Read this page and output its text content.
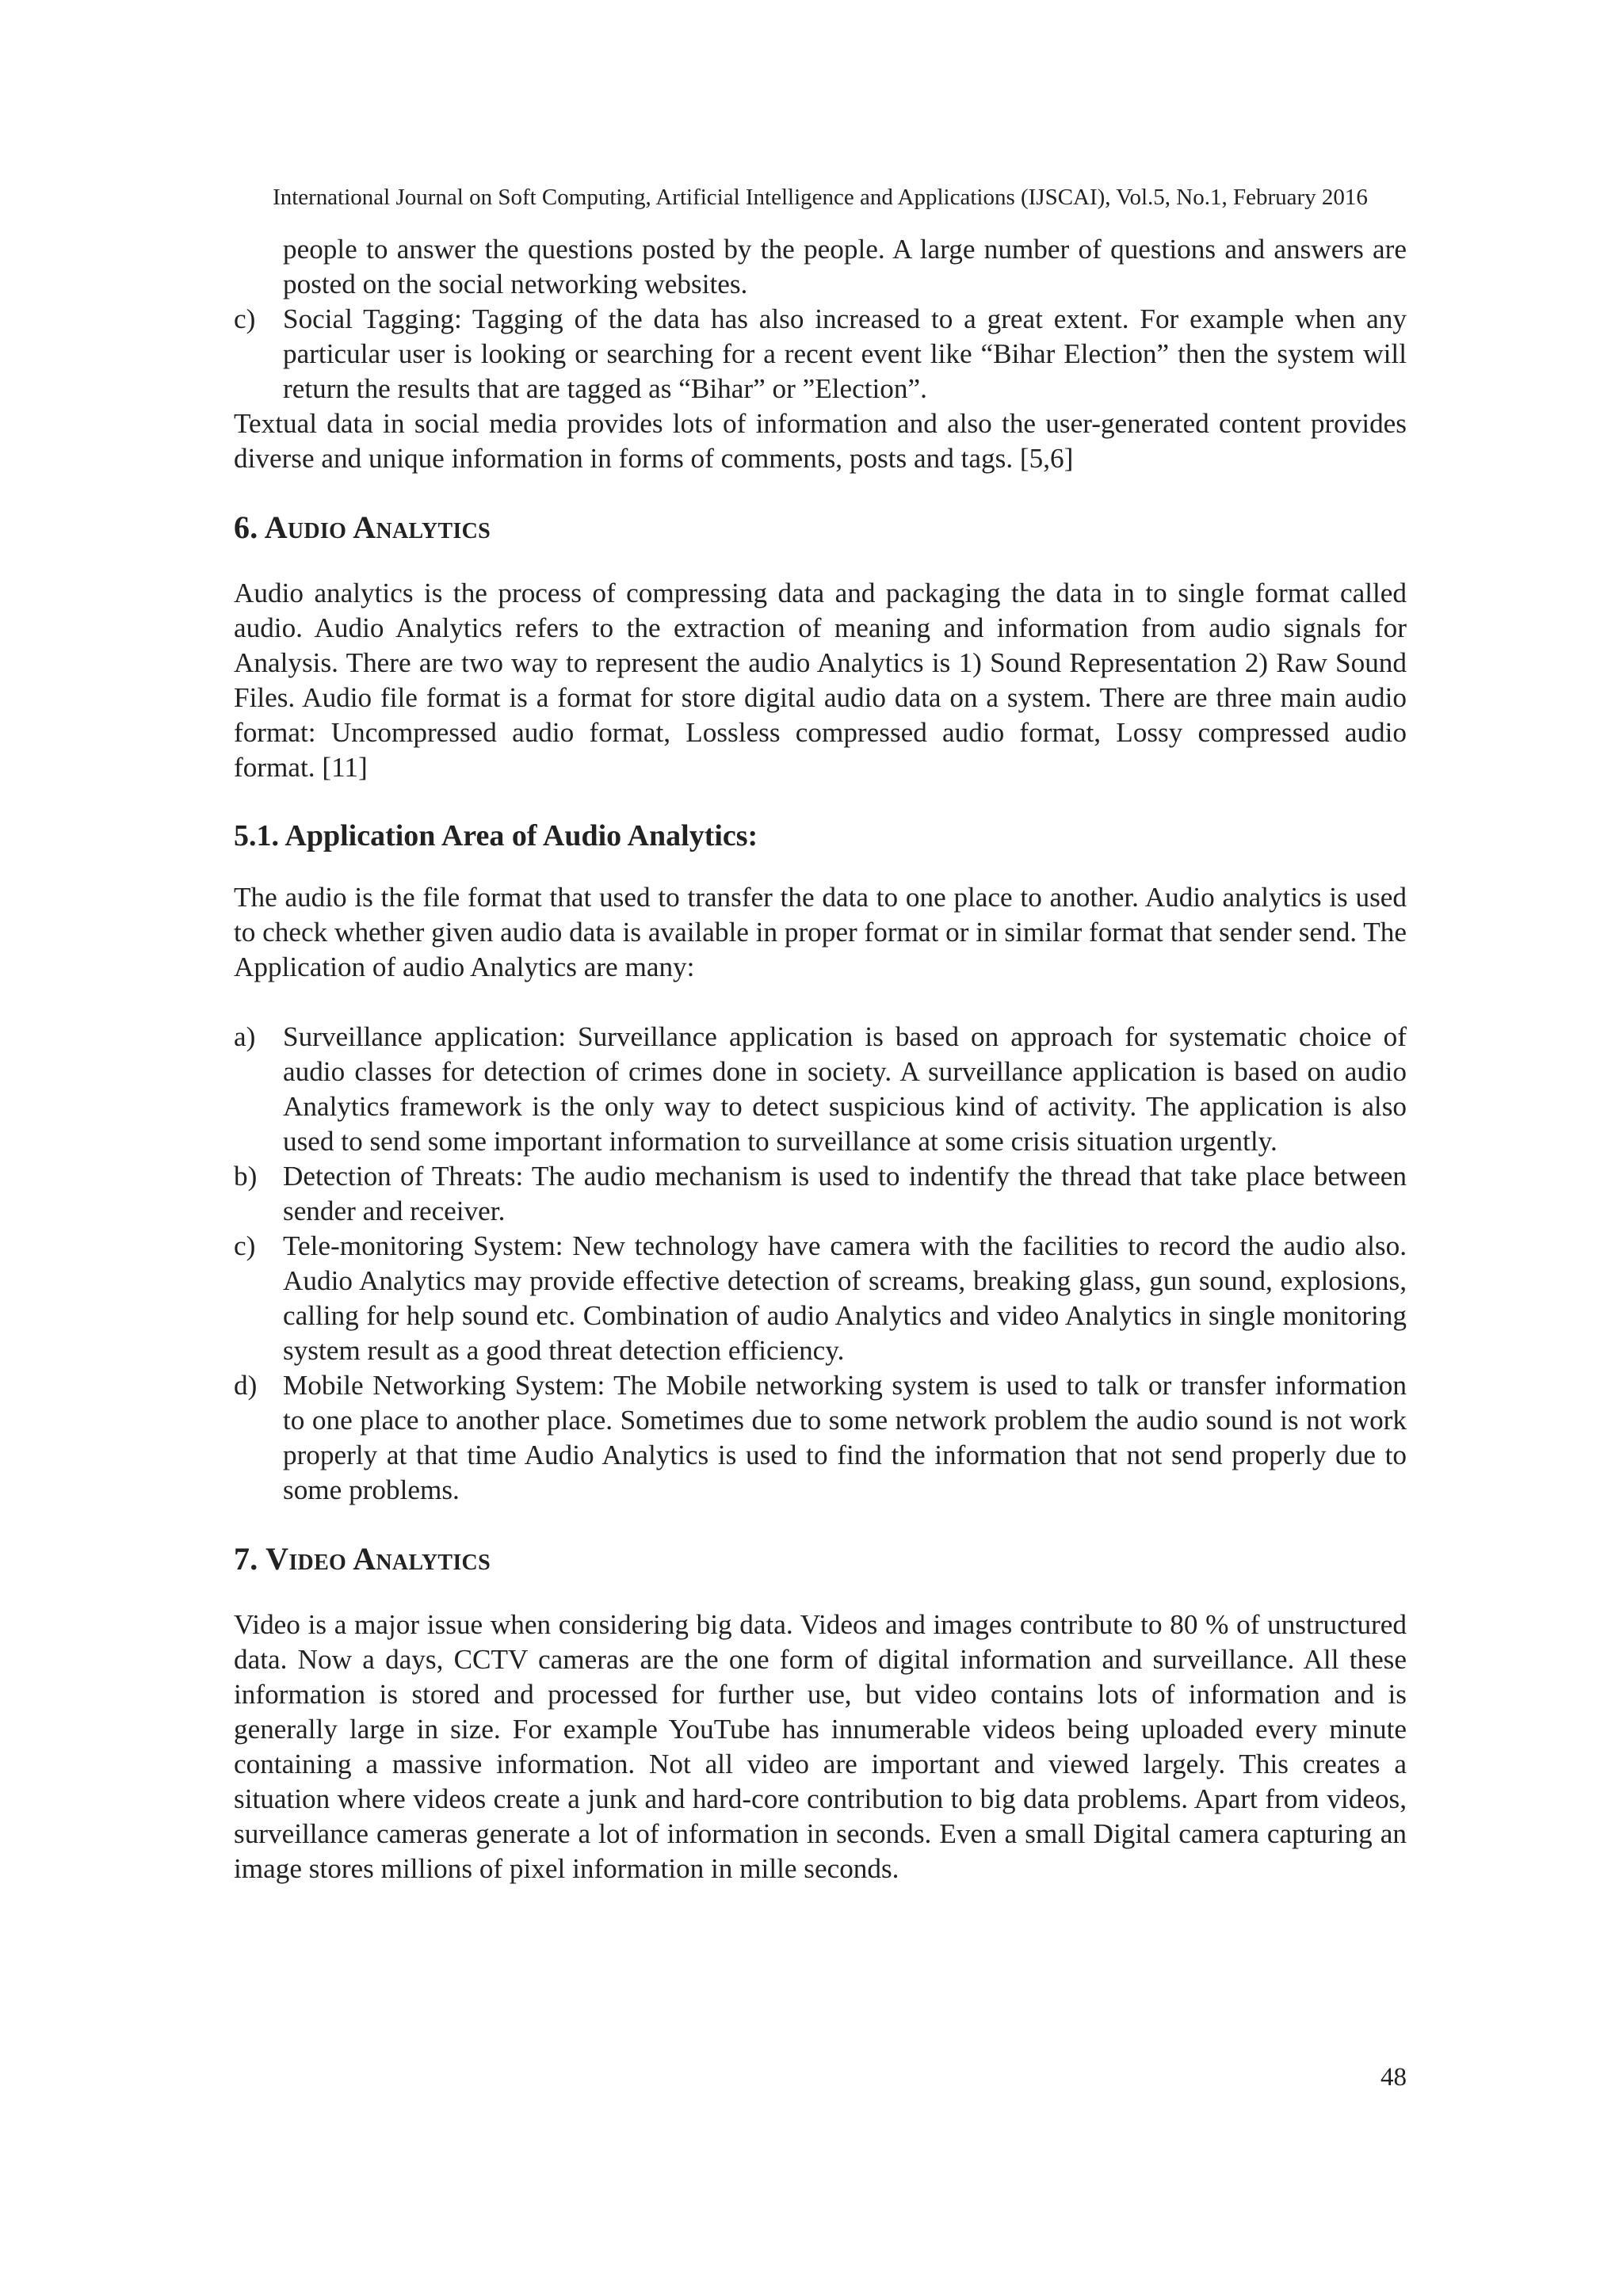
International Journal on Soft Computing, Artificial Intelligence and Applications (IJSCAI), Vol.5, No.1, February 2016

people to answer the questions posted by the people. A large number of questions and answers are posted on the social networking websites.

c) Social Tagging: Tagging of the data has also increased to a great extent. For example when any particular user is looking or searching for a recent event like “Bihar Election” then the system will return the results that are tagged as “Bihar” or ”Election”.

Textual data in social media provides lots of information and also the user-generated content provides diverse and unique information in forms of comments, posts and tags. [5,6]

6. Audio Analytics

Audio analytics is the process of compressing data and packaging the data in to single format called audio. Audio Analytics refers to the extraction of meaning and information from audio signals for Analysis. There are two way to represent the audio Analytics is 1) Sound Representation 2) Raw Sound Files. Audio file format is a format for store digital audio data on a system. There are three main audio format: Uncompressed audio format, Lossless compressed audio format, Lossy compressed audio format. [11]

5.1. Application Area of Audio Analytics:

The audio is the file format that used to transfer the data to one place to another. Audio analytics is used to check whether given audio data is available in proper format or in similar format that sender send. The Application of audio Analytics are many:

a) Surveillance application: Surveillance application is based on approach for systematic choice of audio classes for detection of crimes done in society. A surveillance application is based on audio Analytics framework is the only way to detect suspicious kind of activity. The application is also used to send some important information to surveillance at some crisis situation urgently.
b) Detection of Threats: The audio mechanism is used to indentify the thread that take place between sender and receiver.
c) Tele-monitoring System: New technology have camera with the facilities to record the audio also. Audio Analytics may provide effective detection of screams, breaking glass, gun sound, explosions, calling for help sound etc. Combination of audio Analytics and video Analytics in single monitoring system result as a good threat detection efficiency.
d) Mobile Networking System: The Mobile networking system is used to talk or transfer information to one place to another place. Sometimes due to some network problem the audio sound is not work properly at that time Audio Analytics is used to find the information that not send properly due to some problems.
7. Video Analytics

Video is a major issue when considering big data. Videos and images contribute to 80 % of unstructured data. Now a days, CCTV cameras are the one form of digital information and surveillance. All these information is stored and processed for further use, but video contains lots of information and is generally large in size. For example YouTube has innumerable videos being uploaded every minute containing a massive information. Not all video are important and viewed largely. This creates a situation where videos create a junk and hard-core contribution to big data problems. Apart from videos, surveillance cameras generate a lot of information in seconds. Even a small Digital camera capturing an image stores millions of pixel information in mille seconds.

48
